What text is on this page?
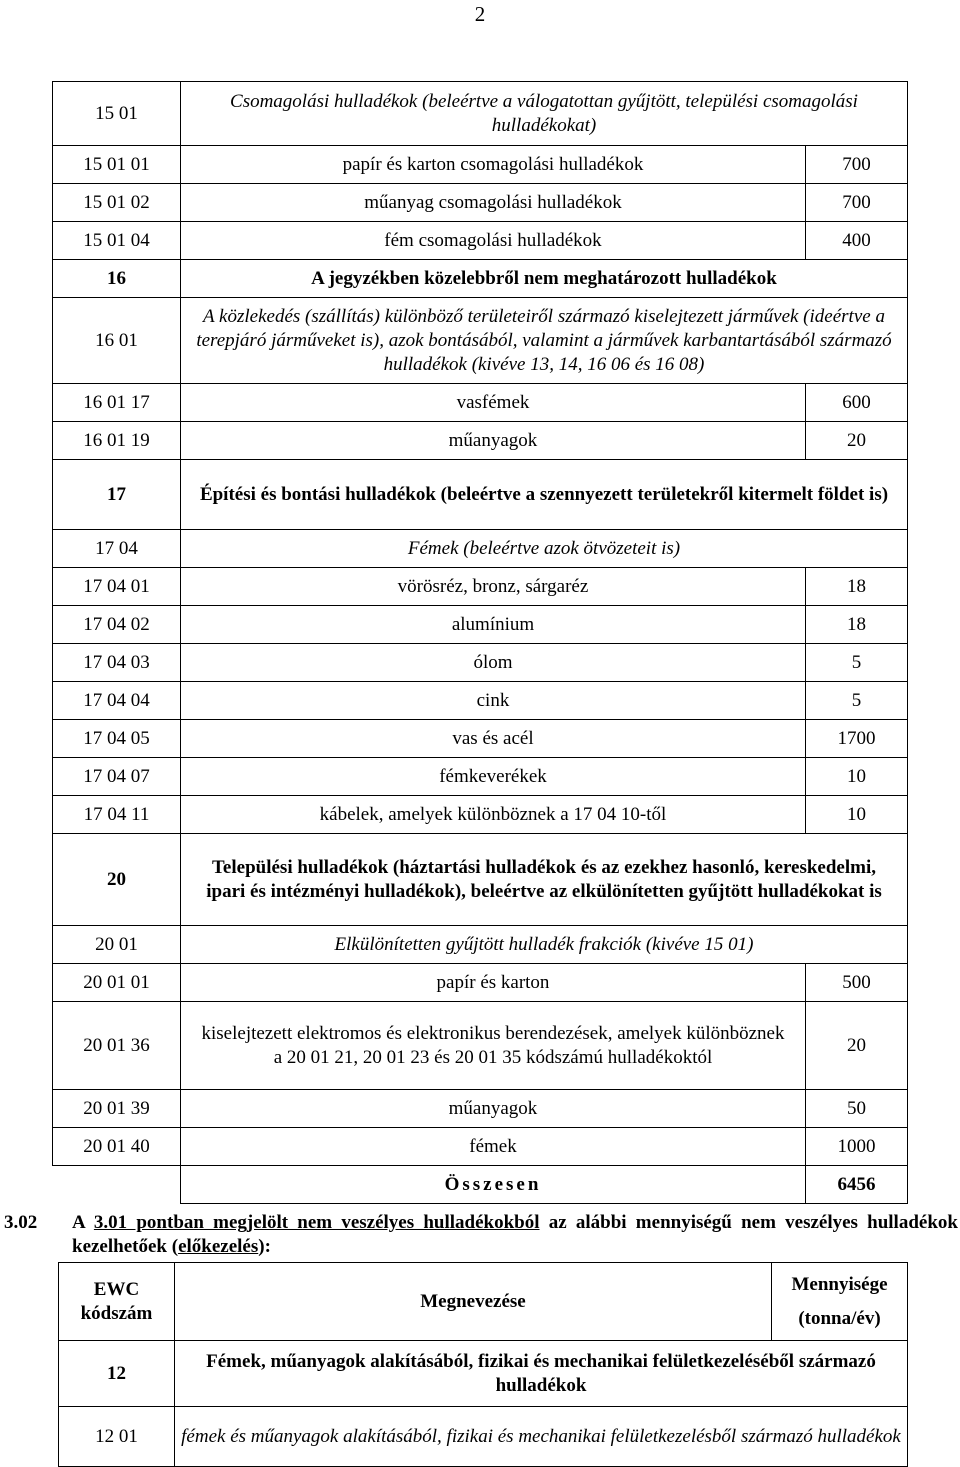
2
15 01	Csomagolási hulladékok (beleértve a válogatottan gyűjtött, települési csomagolási hulladékokat)	
15 01 01	papír és karton csomagolási hulladékok	700
15 01 02	műanyag csomagolási hulladékok	700
15 01 04	fém csomagolási hulladékok	400
16	A jegyzékben közelebbről nem meghatározott hulladékok	
16 01	A közlekedés (szállítás) különböző területeiről származó kiselejtezett járművek (ideértve a terepjáró járműveket is), azok bontásából, valamint a járművek karbantartásából származó hulladékok (kivéve 13, 14, 16 06 és 16 08)	
16 01 17	vasfémek	600
16 01 19	műanyagok	20
17	Építési és bontási hulladékok (beleértve a szennyezett területekről kitermelt földet is)	
17 04	Fémek (beleértve azok ötvözeteit is)	
17 04 01	vörösréz, bronz, sárgaréz	18
17 04 02	alumínium	18
17 04 03	ólom	5
17 04 04	cink	5
17 04 05	vas és acél	1700
17 04 07	fémkeverékek	10
17 04 11	kábelek, amelyek különböznek a 17 04 10-től	10
20	Települési hulladékok (háztartási hulladékok és az ezekhez hasonló, kereskedelmi, ipari és intézményi hulladékok), beleértve az elkülönítetten gyűjtött hulladékokat is	
20 01	Elkülönítetten gyűjtött hulladék frakciók (kivéve 15 01)	
20 01 01	papír és karton	500
20 01 36	kiselejtezett elektromos és elektronikus berendezések, amelyek különböznek a 20 01 21, 20 01 23 és 20 01 35 kódszámú hulladékoktól	20
20 01 39	műanyagok	50
20 01 40	fémek	1000
	Összesen	6456
3.02 A 3.01 pontban megjelölt nem veszélyes hulladékokból az alábbi mennyiségű nem veszélyes hulladékok kezelhetőek (előkezelés):
EWC kódszám	Megnevezése	Mennyisége
(tonna/év)

12	Fémek, műanyagok alakításából, fizikai és mechanikai felületkezeléséből származó hulladékok	
12 01	fémek és műanyagok alakításából, fizikai és mechanikai felületkezelésből származó hulladékok	
